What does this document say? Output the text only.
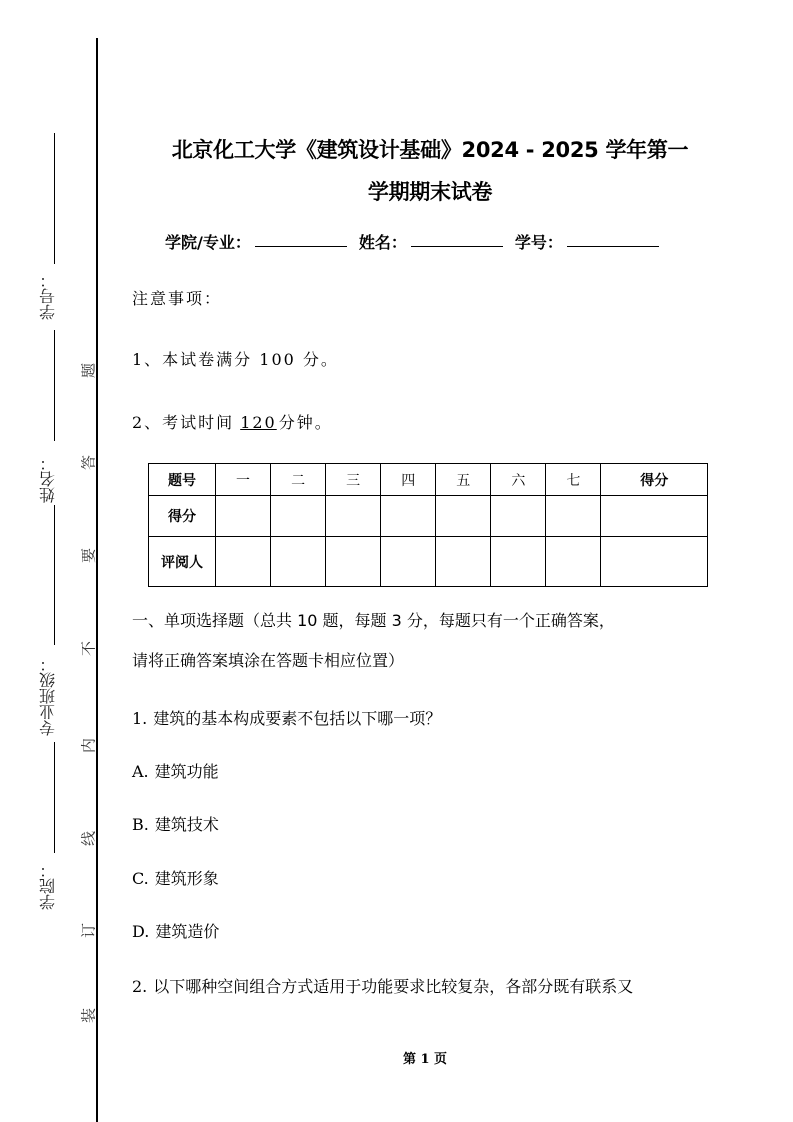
学号：
姓名：
专业班级：
学院：
题
答
要
不
内
线
订
装
北京化工大学《建筑设计基础》2024 - 2025 学年第一
学期期末试卷
学院/专业：	姓名：	学号：
注意事项：
1、本试卷满分 100 分。
2、考试时间 120 分钟。
题号	一	二	三	四	五	六	七	得分
得分								
评阅人								
一、单项选择题（总共 10 题，每题 3 分，每题只有一个正确答案，
请将正确答案填涂在答题卡相应位置）
1. 建筑的基本构成要素不包括以下哪一项？
A. 建筑功能
B. 建筑技术
C. 建筑形象
D. 建筑造价
2. 以下哪种空间组合方式适用于功能要求比较复杂，各部分既有联系又
第 1 页
